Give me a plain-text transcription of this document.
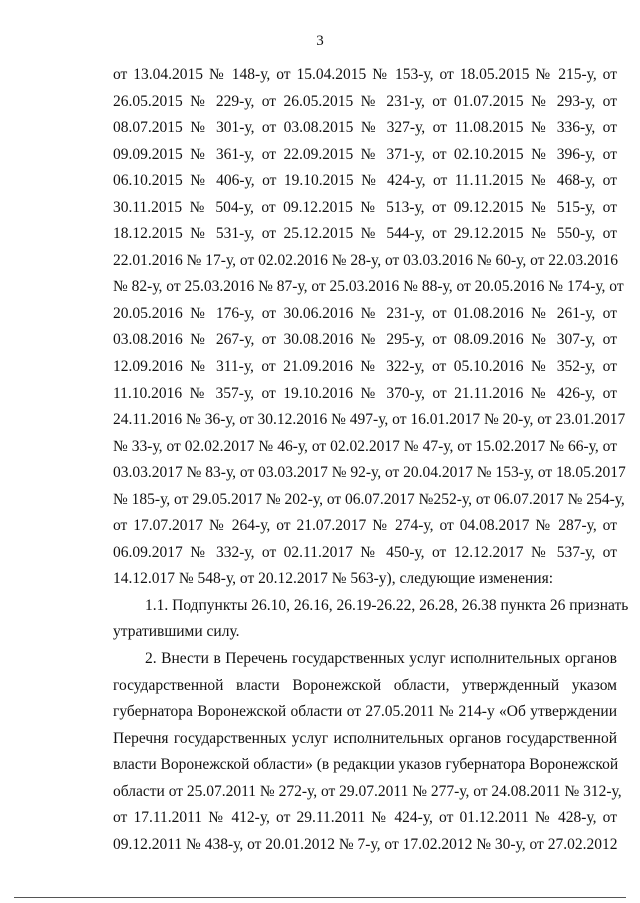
3
от 13.04.2015 № 148-у, от 15.04.2015 № 153-у, от 18.05.2015 № 215-у, от
26.05.2015 № 229-у, от 26.05.2015 № 231-у, от 01.07.2015 № 293-у, от
08.07.2015 № 301-у, от 03.08.2015 № 327-у, от 11.08.2015 № 336-у, от
09.09.2015 № 361-у, от 22.09.2015 № 371-у, от 02.10.2015 № 396-у, от
06.10.2015 № 406-у, от 19.10.2015 № 424-у, от 11.11.2015 № 468-у, от
30.11.2015 № 504-у, от 09.12.2015 № 513-у, от 09.12.2015 № 515-у, от
18.12.2015 № 531-у, от 25.12.2015 № 544-у, от 29.12.2015 № 550-у, от
22.01.2016 № 17-у, от 02.02.2016 № 28-у, от 03.03.2016 № 60-у, от 22.03.2016
№ 82-у, от 25.03.2016 № 87-у, от 25.03.2016 № 88-у, от 20.05.2016 № 174-у, от
20.05.2016 № 176-у, от 30.06.2016 № 231-у, от 01.08.2016 № 261-у, от
03.08.2016 № 267-у, от 30.08.2016 № 295-у, от 08.09.2016 № 307-у, от
12.09.2016 № 311-у, от 21.09.2016 № 322-у, от 05.10.2016 № 352-у, от
11.10.2016 № 357-у, от 19.10.2016 № 370-у, от 21.11.2016 № 426-у, от
24.11.2016 № 36-у, от 30.12.2016 № 497-у, от 16.01.2017 № 20-у, от 23.01.2017
№ 33-у, от 02.02.2017 № 46-у, от 02.02.2017 № 47-у, от 15.02.2017 № 66-у, от
03.03.2017 № 83-у, от 03.03.2017 № 92-у, от 20.04.2017 № 153-у, от 18.05.2017
№ 185-у, от 29.05.2017 № 202-у, от 06.07.2017 №252-у, от 06.07.2017 № 254-у,
от 17.07.2017 № 264-у, от 21.07.2017 № 274-у, от 04.08.2017 № 287-у, от
06.09.2017 № 332-у, от 02.11.2017 № 450-у, от 12.12.2017 № 537-у, от
14.12.017 № 548-у, от 20.12.2017 № 563-у), следующие изменения:
1.1. Подпункты 26.10, 26.16, 26.19-26.22, 26.28, 26.38 пункта 26 признать
утратившими силу.
2. Внести в Перечень государственных услуг исполнительных органов
государственной власти Воронежской области, утвержденный указом
губернатора Воронежской области от 27.05.2011 № 214-у «Об утверждении
Перечня государственных услуг исполнительных органов государственной
власти Воронежской области» (в редакции указов губернатора Воронежской
области от 25.07.2011 № 272-у, от 29.07.2011 № 277-у, от 24.08.2011 № 312-у,
от 17.11.2011 № 412-у, от 29.11.2011 № 424-у, от 01.12.2011 № 428-у, от
09.12.2011 № 438-у, от 20.01.2012 № 7-у, от 17.02.2012 № 30-у, от 27.02.2012
